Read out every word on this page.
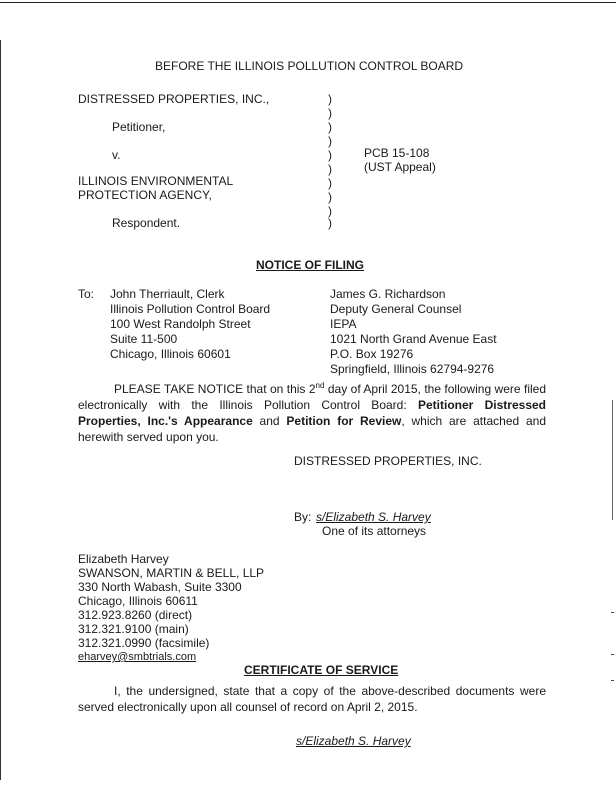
BEFORE THE ILLINOIS POLLUTION CONTROL BOARD
DISTRESSED PROPERTIES, INC.,
Petitioner,
v.
ILLINOIS ENVIRONMENTAL
PROTECTION AGENCY,
Respondent.
)
)
)
)
)
)
)
)
)
)
PCB 15-108
(UST Appeal)
NOTICE OF FILING
To: John Therriault, Clerk
Illinois Pollution Control Board
100 West Randolph Street
Suite 11-500
Chicago, Illinois 60601
James G. Richardson
Deputy General Counsel
IEPA
1021 North Grand Avenue East
P.O. Box 19276
Springfield, Illinois 62794-9276
PLEASE TAKE NOTICE that on this 2nd day of April 2015, the following were filed electronically with the Illinois Pollution Control Board: Petitioner Distressed Properties, Inc.'s Appearance and Petition for Review, which are attached and herewith served upon you.
DISTRESSED PROPERTIES, INC.
By: s/Elizabeth S. Harvey
One of its attorneys
Elizabeth Harvey
SWANSON, MARTIN & BELL, LLP
330 North Wabash, Suite 3300
Chicago, Illinois 60611
312.923.8260 (direct)
312.321.9100 (main)
312.321.0990 (facsimile)
eharvey@smbtrials.com
CERTIFICATE OF SERVICE
I, the undersigned, state that a copy of the above-described documents were served electronically upon all counsel of record on April 2, 2015.
s/Elizabeth S. Harvey
